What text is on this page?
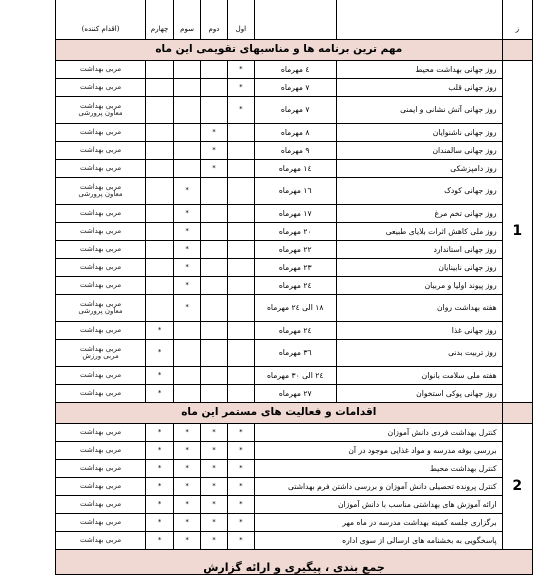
ز			اول	دوم	سوم	چهارم	(اقدام کننده)
	مهم ترین برنامه ها و مناسبهای تقویمی این ماه						
1	روز جهانی بهداشت محیط	٤ مهرماه	*				مربی بهداشت
	روز جهانی قلب	٧ مهرماه	*				مربی بهداشت
	روز جهانی آتش نشانی و ایمنی	٧ مهرماه	*				مربی بهداشت
معاون پرورشی
	روز جهانی ناشنوایان	٨ مهرماه		*			مربی بهداشت
	روز جهانی سالمندان	٩ مهرماه		*			مربی بهداشت
	روز دامپزشکی	١٤ مهرماه		*			مربی بهداشت
	روز جهانی کودک	١٦ مهرماه			*		مربی بهداشت
معاون پرورشی
	روز جهانی تخم مرغ	١٧ مهرماه			*		مربی بهداشت
	روز ملی کاهش اثرات بلایای طبیعی	٢٠ مهرماه			*		مربی بهداشت
	روز جهانی استاندارد	٢٢ مهرماه			*		مربی بهداشت
	روز جهانی نابینایان	٢٣ مهرماه			*		مربی بهداشت
	روز پیوند اولیا و مربیان	٢٤ مهرماه			*		مربی بهداشت
	هفته بهداشت روان	١٨ الی ٢٤ مهرماه			*		مربی بهداشت
معاون پرورشی
	روز جهانی غذا	٢٤ مهرماه				*	مربی بهداشت
	روز تربیت بدنی	٣٦ مهرماه				*	مربی بهداشت
مربی ورزش
	هفته ملی سلامت بانوان	٢٤ الی ٣٠ مهرماه				*	مربی بهداشت
	روز جهانی پوکی استخوان	٢٧ مهرماه				*	مربی بهداشت
	اقدامات و فعالیت های مستمر این ماه						
2	کنترل بهداشت فردی دانش آموزان		*	*	*	*	مربی بهداشت
	بررسی بوفه مدرسه و مواد غذایی موجود در آن		*	*	*	*	مربی بهداشت
	کنترل بهداشت محیط		*	*	*	*	مربی بهداشت
	کنترل پرونده تحصیلی دانش آموزان و بررسی داشتن فرم بهداشتی		*	*	*	*	مربی بهداشت
	ارائه آموزش های بهداشتی مناسب با دانش آموزان		*	*	*	*	مربی بهداشت
	برگزاری جلسه کمیته بهداشت مدرسه در ماه مهر		*	*	*	*	مربی بهداشت
	پاسخگویی به بخشنامه های ارسالی از سوی اداره		*	*	*	*	مربی بهداشت
جمع بندی ، پیگیری و ارائه گزارش							
